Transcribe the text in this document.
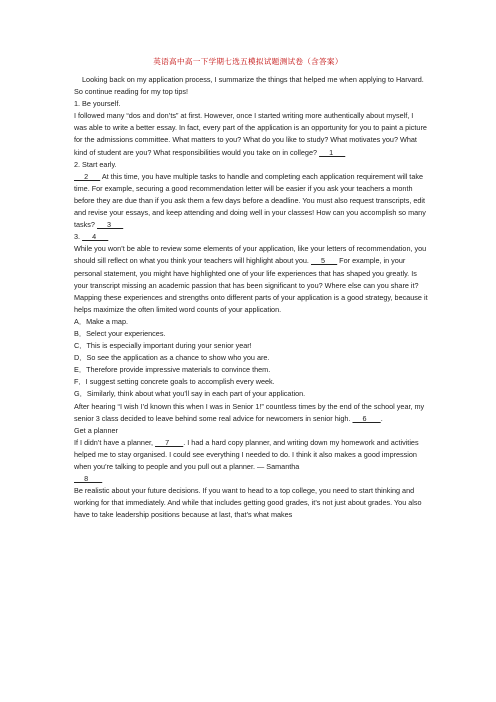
英语高中高一下学期七选五模拟试题测试卷（含答案）

Looking back on my application process, I summarize the things that helped me when applying to Harvard. So continue reading for my top tips!

1. Be yourself.

I followed many “dos and don’ts” at first. However, once I started writing more authentically about myself, I was able to write a better essay. In fact, every part of the application is an opportunity for you to paint a picture for the admissions committee. What matters to you? What do you like to study? What motivates you? What kind of student are you? What responsibilities would you take on in college?      1

2. Start early.

2       At this time, you have multiple tasks to handle and completing each application requirement will take time. For example, securing a good recommendation letter will be easier if you ask your teachers a month before they are due than if you ask them a few days before a deadline. You must also request transcripts, edit and revise your essays, and keep attending and doing well in your classes! How can you accomplish so many tasks?      3

3.      4

While you won’t be able to review some elements of your application, like your letters of recommendation, you should sill reflect on what you think your teachers will highlight about you.      5       For example, in your personal statement, you might have highlighted one of your life experiences that has shaped you greatly. Is your transcript missing an academic passion that has been significant to you? Where else can you share it? Mapping these experiences and strengths onto different parts of your application is a good strategy, because it helps maximize the often limited word counts of your application.

A．Make a map.
B．Select your experiences.
C．This is especially important during your senior year!
D．So see the application as a chance to show who you are.
E．Therefore provide impressive materials to convince them.
F．I suggest setting concrete goals to accomplish every week.
G．Similarly, think about what you’ll say in each part of your application.

After hearing “I wish I’d known this when I was in Senior 1!” countless times by the end of the school year, my senior 3 class decided to leave behind some real advice for newcomers in senior high.      6       .

Get a planner

If I didn’t have a planner,      7       . I had a hard copy planner, and writing down my homework and activities helped me to stay organised. I could see everything I needed to do. I think it also makes a good impression when you’re talking to people and you pull out a planner. — Samantha

8

Be realistic about your future decisions. If you want to head to a top college, you need to start thinking and working for that immediately. And while that includes getting good grades, it’s not just about grades. You also have to take leadership positions because at last, that’s what makes
